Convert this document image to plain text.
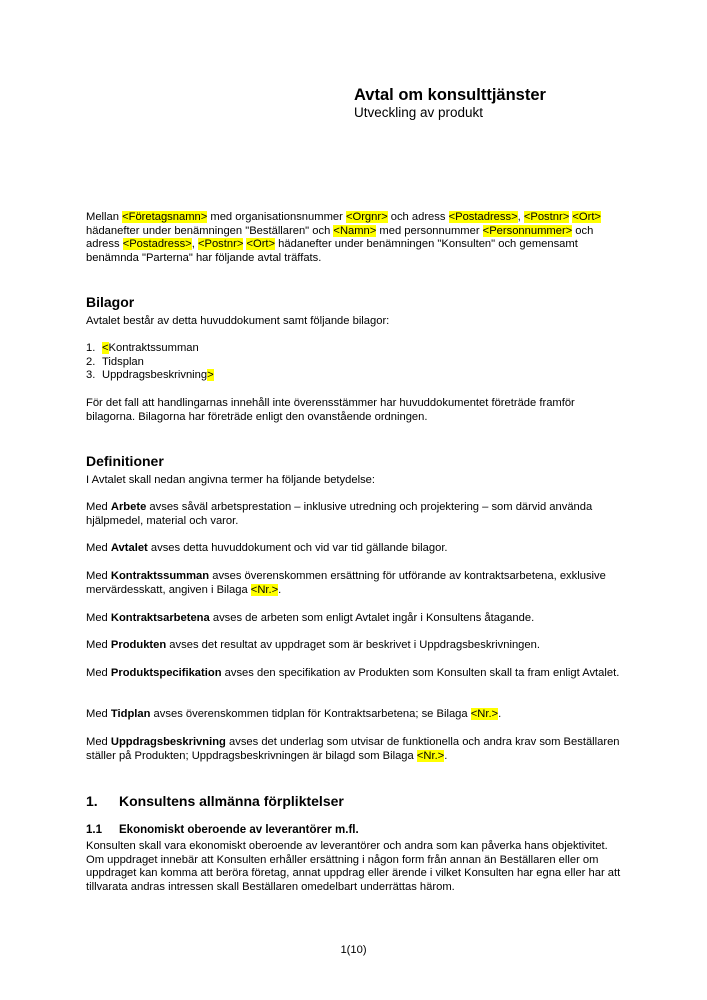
Avtal om konsulttjänster
Utveckling av produkt
Mellan <Företagsnamn> med organisationsnummer <Orgnr> och adress <Postadress>, <Postnr> <Ort> hädanefter under benämningen "Beställaren" och <Namn> med personnummer <Personnummer> och adress <Postadress>, <Postnr> <Ort> hädanefter under benämningen "Konsulten" och gemensamt benämnda "Parterna" har följande avtal träffats.
Bilagor
Avtalet består av detta huvuddokument samt följande bilagor:
1. <Kontraktssumman
2. Tidsplan
3. Uppdragsbeskrivning>
För det fall att handlingarnas innehåll inte överensstämmer har huvuddokumentet företräde framför bilagorna. Bilagorna har företräde enligt den ovanstående ordningen.
Definitioner
I Avtalet skall nedan angivna termer ha följande betydelse:
Med Arbete avses såväl arbetsprestation – inklusive utredning och projektering – som därvid använda hjälpmedel, material och varor.
Med Avtalet avses detta huvuddokument och vid var tid gällande bilagor.
Med Kontraktssumman avses överenskommen ersättning för utförande av kontraktsarbetena, exklusive mervärdesskatt, angiven i Bilaga <Nr.>.
Med Kontraktsarbetena avses de arbeten som enligt Avtalet ingår i Konsultens åtagande.
Med Produkten avses det resultat av uppdraget som är beskrivet i Uppdragsbeskrivningen.
Med Produktspecifikation avses den specifikation av Produkten som Konsulten skall ta fram enligt Avtalet.
Med Tidplan avses överenskommen tidplan för Kontraktsarbetena; se Bilaga <Nr.>.
Med Uppdragsbeskrivning avses det underlag som utvisar de funktionella och andra krav som Beställaren ställer på Produkten; Uppdragsbeskrivningen är bilagd som Bilaga <Nr.>.
1. Konsultens allmänna förpliktelser
1.1 Ekonomiskt oberoende av leverantörer m.fl.
Konsulten skall vara ekonomiskt oberoende av leverantörer och andra som kan påverka hans objektivitet. Om uppdraget innebär att Konsulten erhåller ersättning i någon form från annan än Beställaren eller om uppdraget kan komma att beröra företag, annat uppdrag eller ärende i vilket Konsulten har egna eller har att tillvarata andras intressen skall Beställaren omedelbart underrättas härom.
1(10)
